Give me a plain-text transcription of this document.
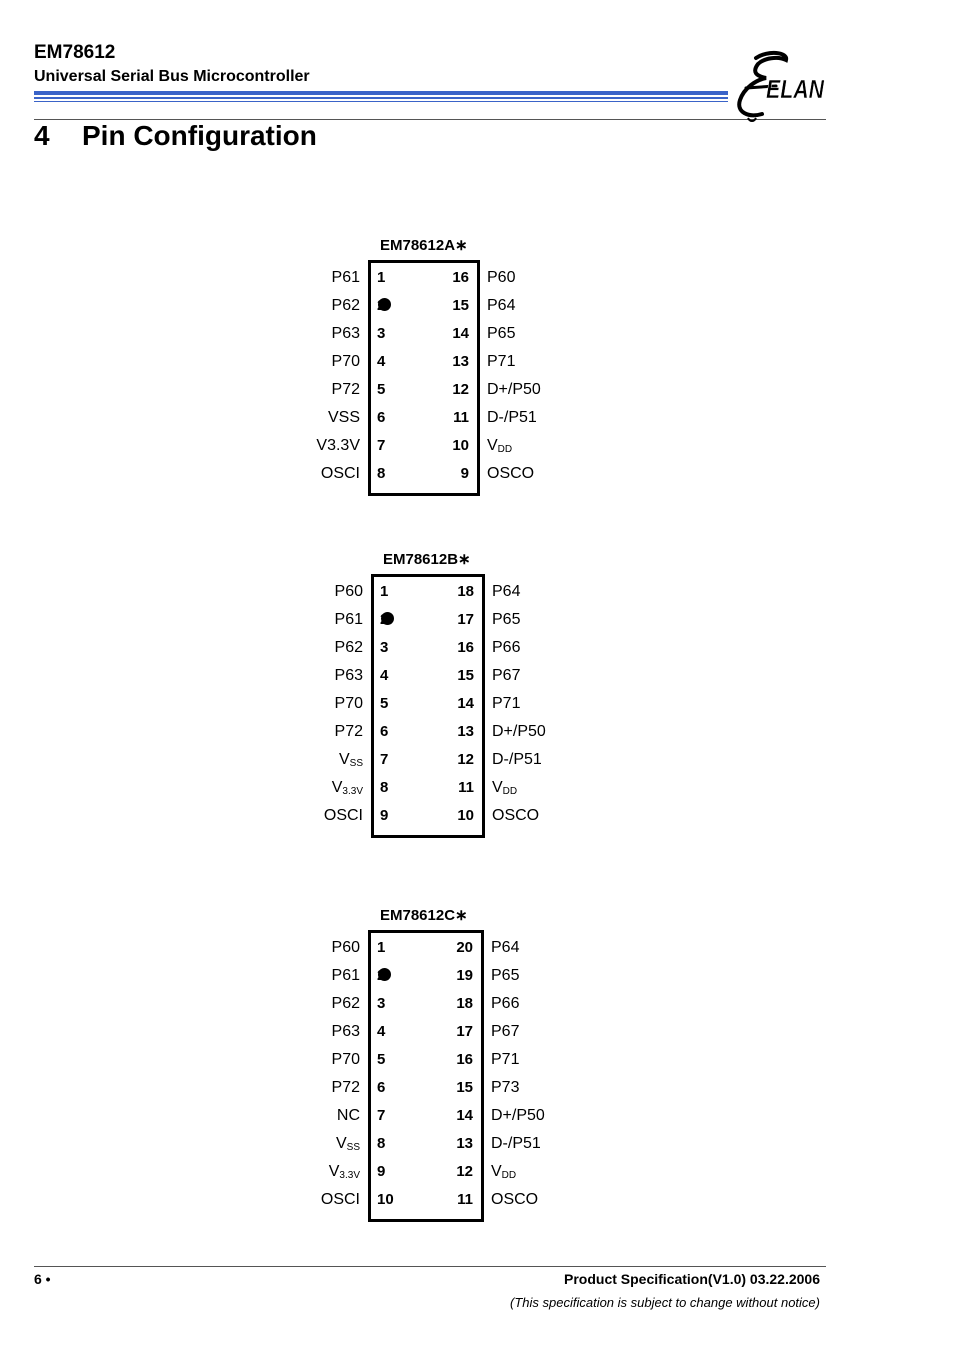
EM78612
Universal Serial Bus Microcontroller	ELAN
4 Pin Configuration
EM78612A∗
P61 1	16 P60
P62 2	15 P64
P63 3	14 P65
P70 4	13 P71
P72 5	12 D+/P50
VSS 6	11 D-/P51
V3.3V 7	10 $V_{DD}$
OSCI 8	9 OSCO
EM78612B∗
P60 1	18 P64
P61 2	17 P65
P62 3	16 P66
P63 4	15 P67
P70 5	14 P71
P72 6	13 D+/P50
$V_{SS}$ 7	12 D-/P51
$V_{3.3V}$ 8	11 $V_{DD}$
OSCI 9	10 OSCO
EM78612C∗
P60 1	20 P64
P61 2	19 P65
P62 3	18 P66
P63 4	17 P67
P70 5	16 P71
P72 6	15 P73
NC 7	14 D+/P50
$V_{SS}$ 8	13 D-/P51
$V_{3.3V}$ 9	12 $V_{DD}$
OSCI 10	11 OSCO
6 •	Product Specification(V1.0) 03.22.2006
(This specification is subject to change without notice)
